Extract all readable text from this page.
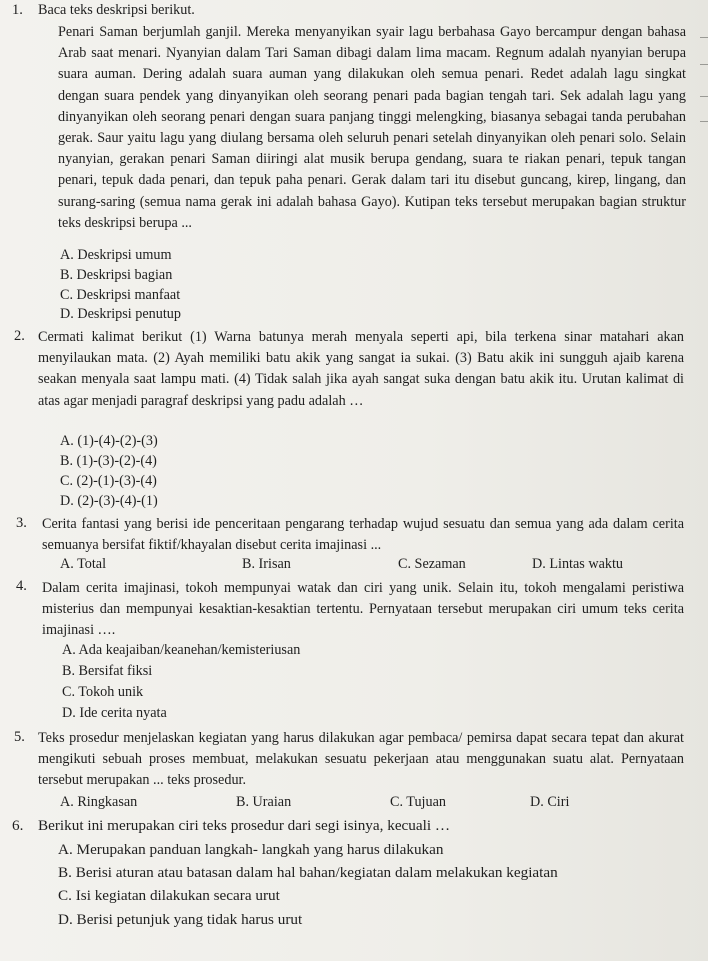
1. Baca teks deskripsi berikut.
Penari Saman berjumlah ganjil. Mereka menyanyikan syair lagu berbahasa Gayo bercampur dengan bahasa Arab saat menari. Nyanyian dalam Tari Saman dibagi dalam lima macam. Regnum adalah nyanyian berupa suara auman. Dering adalah suara auman yang dilakukan oleh semua penari. Redet adalah lagu singkat dengan suara pendek yang dinyanyikan oleh seorang penari pada bagian tengah tari. Sek adalah lagu yang dinyanyikan oleh seorang penari dengan suara panjang tinggi melengking, biasanya sebagai tanda perubahan gerak. Saur yaitu lagu yang diulang bersama oleh seluruh penari setelah dinyanyikan oleh penari solo. Selain nyanyian, gerakan penari Saman diiringi alat musik berupa gendang, suara te riakan penari, tepuk tangan penari, tepuk dada penari, dan tepuk paha penari. Gerak dalam tari itu disebut guncang, kirep, lingang, dan surang-saring (semua nama gerak ini adalah bahasa Gayo). Kutipan teks tersebut merupakan bagian struktur teks deskripsi berupa ...
A. Deskripsi umum
B. Deskripsi bagian
C. Deskripsi manfaat
D. Deskripsi penutup
2. Cermati kalimat berikut (1) Warna batunya merah menyala seperti api, bila terkena sinar matahari akan menyilaukan mata. (2) Ayah memiliki batu akik yang sangat ia sukai. (3) Batu akik ini sungguh ajaib karena seakan menyala saat lampu mati. (4) Tidak salah jika ayah sangat suka dengan batu akik itu. Urutan kalimat di atas agar menjadi paragraf deskripsi yang padu adalah …
A. (1)-(4)-(2)-(3)
B. (1)-(3)-(2)-(4)
C. (2)-(1)-(3)-(4)
D. (2)-(3)-(4)-(1)
3. Cerita fantasi yang berisi ide penceritaan pengarang terhadap wujud sesuatu dan semua yang ada dalam cerita semuanya bersifat fiktif/khayalan disebut cerita imajinasi ...
A. Total	B. Irisan	C. Sezaman	D. Lintas waktu
4. Dalam cerita imajinasi, tokoh mempunyai watak dan ciri yang unik. Selain itu, tokoh mengalami peristiwa misterius dan mempunyai kesaktian-kesaktian tertentu. Pernyataan tersebut merupakan ciri umum teks cerita imajinasi ….
A. Ada keajaiban/keanehan/kemisteriusan
B. Bersifat fiksi
C. Tokoh unik
D. Ide cerita nyata
5. Teks prosedur menjelaskan kegiatan yang harus dilakukan agar pembaca/ pemirsa dapat secara tepat dan akurat mengikuti sebuah proses membuat, melakukan sesuatu pekerjaan atau menggunakan suatu alat. Pernyataan tersebut merupakan ... teks prosedur.
A. Ringkasan	B. Uraian	C. Tujuan	D. Ciri
6. Berikut ini merupakan ciri teks prosedur dari segi isinya, kecuali …
A. Merupakan panduan langkah- langkah yang harus dilakukan
B. Berisi aturan atau batasan dalam hal bahan/kegiatan dalam melakukan kegiatan
C. Isi kegiatan dilakukan secara urut
D. Berisi petunjuk yang tidak harus urut
